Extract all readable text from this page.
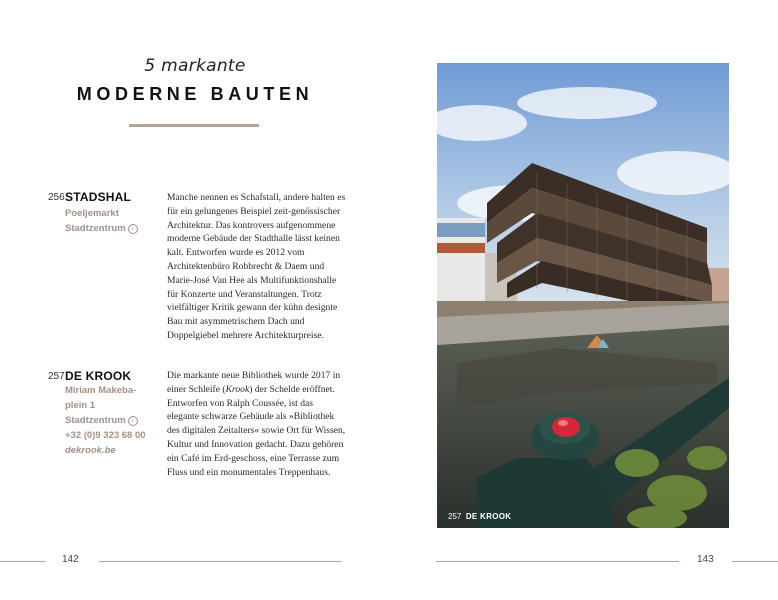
5 markante
MODERNE BAUTEN
256 STADSHAL
Poeljemarkt
Stadtzentrum i
Manche nennen es Schafstall, andere halten es für ein gelungenes Beispiel zeit-genössischer Architektur. Das kontrovers aufgenommene moderne Gebäude der Stadthalle lässt keinen kalt. Entworfen wurde es 2012 vom Architektenbüro Robbrecht & Daem und Marie-José Van Hee als Multifunktionshalle für Konzerte und Veranstaltungen. Trotz vielfältiger Kritik gewann der kühn designte Bau mit asymmetrischem Dach und Doppelgiebel mehrere Architekturpreise.
257 DE KROOK
Miriam Makeba-
plein 1
Stadtzentrum i
+32 (0)9 323 68 00
dekrook.be
Die markante neue Bibliothek wurde 2017 in einer Schleife (Krook) der Schelde eröffnet. Entworfen von Ralph Coussée, ist das elegante schwarze Gebäude als »Bibliothek des digitalen Zeitalters« sowie Ort für Wissen, Kultur und Innovation gedacht. Dazu gehören ein Café im Erd-geschoss, eine Terrasse zum Fluss und ein monumentales Treppenhaus.
257 DE KROOK
142	143
